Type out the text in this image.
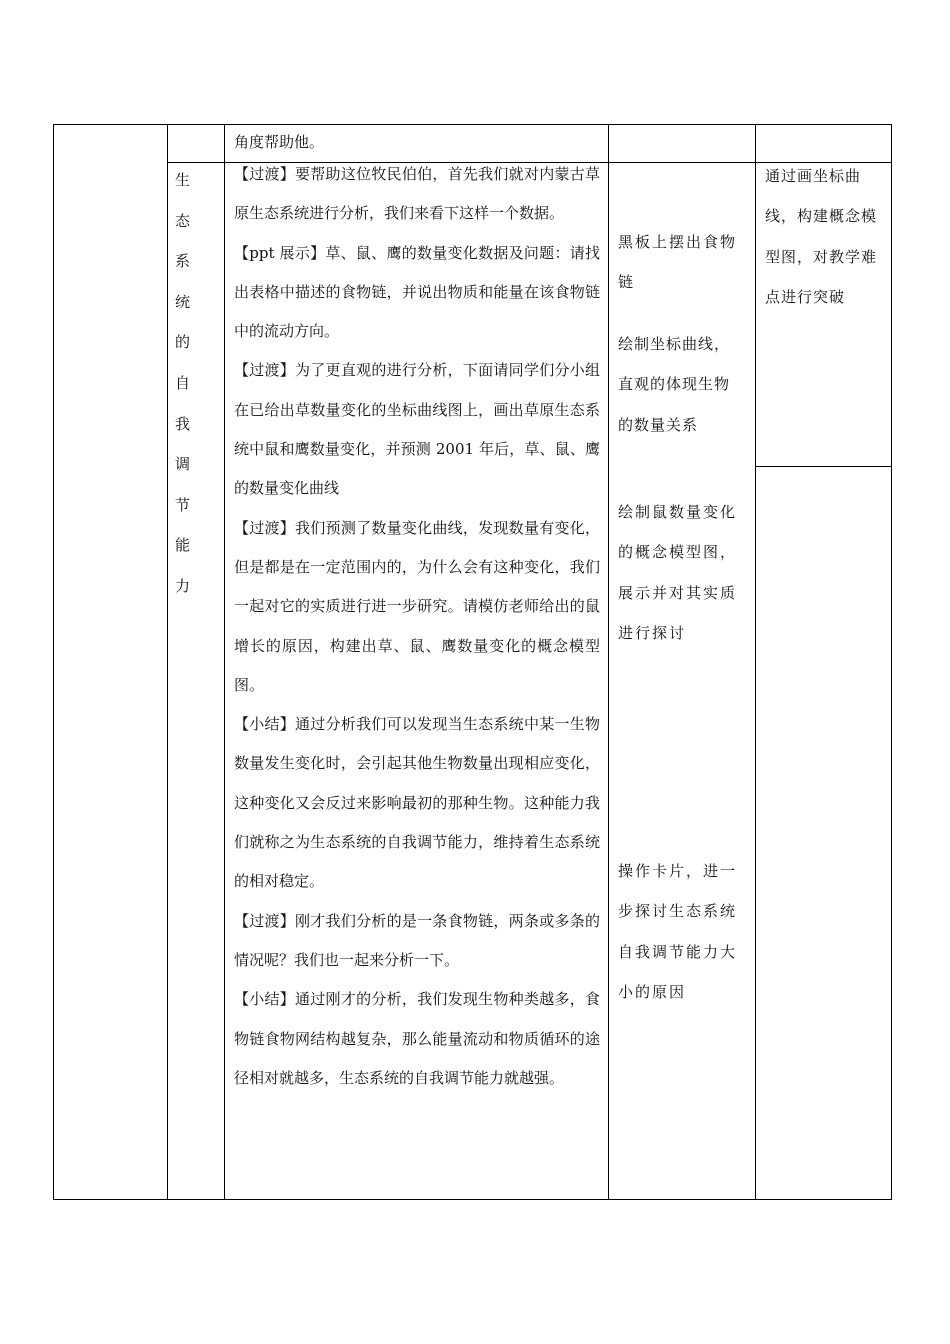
角度帮助他。

生 态

系 统

的 自

我 调

节 能

力

【过渡】要帮助这位牧民伯伯，首先我们就对内蒙古草原生态系统进行分析，我们来看下这样一个数据。

【ppt 展示】草、鼠、鹰的数量变化数据及问题：请找出表格中描述的食物链，并说出物质和能量在该食物链中的流动方向。

【过渡】为了更直观的进行分析，下面请同学们分小组在已给出草数量变化的坐标曲线图上，画出草原生态系统中鼠和鹰数量变化，并预测 2001 年后，草、鼠、鹰的数量变化曲线

【过渡】我们预测了数量变化曲线，发现数量有变化，但是都是在一定范围内的，为什么会有这种变化，我们一起对它的实质进行进一步研究。请模仿老师给出的鼠增长的原因，构建出草、鼠、鹰数量变化的概念模型图。

【小结】通过分析我们可以发现当生态系统中某一生物数量发生变化时，会引起其他生物数量出现相应变化，这种变化又会反过来影响最初的那种生物。这种能力我们就称之为生态系统的自我调节能力，维持着生态系统的相对稳定。

【过渡】刚才我们分析的是一条食物链，两条或多条的情况呢？我们也一起来分析一下。

【小结】通过刚才的分析，我们发现生物种类越多，食物链食物网结构越复杂，那么能量流动和物质循环的途径相对就越多，生态系统的自我调节能力就越强。

黑板上摆出食物

链

绘制坐标曲线，

直观的体现生物

的数量关系

绘制鼠数量变化

的概念模型图，

展示并对其实质

进行探讨

操作卡片，进一

步探讨生态系统

自我调节能力大

小的原因

通过画坐标曲

线，构建概念模

型图，对教学难

点进行突破
